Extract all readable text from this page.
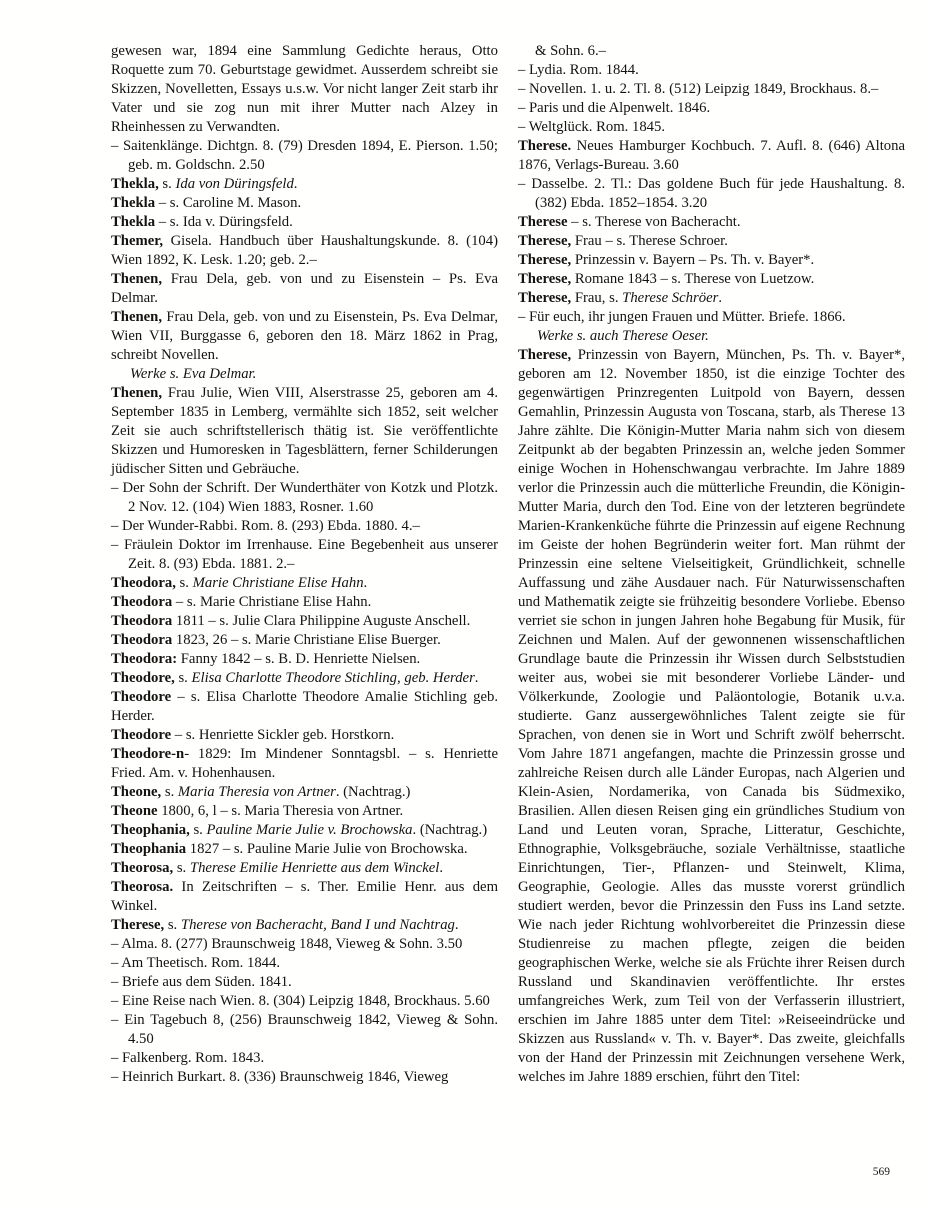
gewesen war, 1894 eine Sammlung Gedichte heraus, Otto Roquette zum 70. Geburtstage gewidmet. Ausserdem schreibt sie Skizzen, Novelletten, Essays u.s.w. Vor nicht langer Zeit starb ihr Vater und sie zog nun mit ihrer Mutter nach Alzey in Rheinhessen zu Verwandten.

– Saitenklänge. Dichtgn. 8. (79) Dresden 1894, E. Pierson. 1.50; geb. m. Goldschn. 2.50

Thekla, s. Ida von Düringsfeld.

Thekla – s. Caroline M. Mason.

Thekla – s. Ida v. Düringsfeld.

Themer, Gisela. Handbuch über Haushaltungskunde. 8. (104) Wien 1892, K. Lesk. 1.20; geb. 2.–

Thenen, Frau Dela, geb. von und zu Eisenstein – Ps. Eva Delmar.

Thenen, Frau Dela, geb. von und zu Eisenstein, Ps. Eva Delmar, Wien VII, Burggasse 6, geboren den 18. März 1862 in Prag, schreibt Novellen.

Werke s. Eva Delmar.

Thenen, Frau Julie, Wien VIII, Alserstrasse 25, geboren am 4. September 1835 in Lemberg, vermählte sich 1852, seit welcher Zeit sie auch schriftstellerisch thätig ist. Sie veröffentlichte Skizzen und Humoresken in Tagesblättern, ferner Schilderungen jüdischer Sitten und Gebräuche.

– Der Sohn der Schrift. Der Wunderthäter von Kotzk und Plotzk. 2 Nov. 12. (104) Wien 1883, Rosner. 1.60

– Der Wunder-Rabbi. Rom. 8. (293) Ebda. 1880. 4.–

– Fräulein Doktor im Irrenhause. Eine Begebenheit aus unserer Zeit. 8. (93) Ebda. 1881. 2.–

Theodora, s. Marie Christiane Elise Hahn.

Theodora – s. Marie Christiane Elise Hahn.

Theodora 1811 – s. Julie Clara Philippine Auguste Anschell.

Theodora 1823, 26 – s. Marie Christiane Elise Buerger.

Theodora: Fanny 1842 – s. B. D. Henriette Nielsen.

Theodore, s. Elisa Charlotte Theodore Stichling, geb. Herder.

Theodore – s. Elisa Charlotte Theodore Amalie Stichling geb. Herder.

Theodore – s. Henriette Sickler geb. Horstkorn.

Theodore-n- 1829: Im Mindener Sonntagsbl. – s. Henriette Fried. Am. v. Hohenhausen.

Theone, s. Maria Theresia von Artner. (Nachtrag.)

Theone 1800, 6, l – s. Maria Theresia von Artner.

Theophania, s. Pauline Marie Julie v. Brochowska. (Nachtrag.)

Theophania 1827 – s. Pauline Marie Julie von Brochowska.

Theorosa, s. Therese Emilie Henriette aus dem Winckel.

Theorosa. In Zeitschriften – s. Ther. Emilie Henr. aus dem Winkel.

Therese, s. Therese von Bacheracht, Band I und Nachtrag.

– Alma. 8. (277) Braunschweig 1848, Vieweg & Sohn. 3.50

– Am Theetisch. Rom. 1844.

– Briefe aus dem Süden. 1841.

– Eine Reise nach Wien. 8. (304) Leipzig 1848, Brockhaus. 5.60

– Ein Tagebuch 8, (256) Braunschweig 1842, Vieweg & Sohn. 4.50

– Falkenberg. Rom. 1843.

– Heinrich Burkart. 8. (336) Braunschweig 1846, Vieweg

& Sohn. 6.–

– Lydia. Rom. 1844.

– Novellen. 1. u. 2. Tl. 8. (512) Leipzig 1849, Brockhaus. 8.–

– Paris und die Alpenwelt. 1846.

– Weltglück. Rom. 1845.

Therese. Neues Hamburger Kochbuch. 7. Aufl. 8. (646) Altona 1876, Verlags-Bureau. 3.60

– Dasselbe. 2. Tl.: Das goldene Buch für jede Haushaltung. 8. (382) Ebda. 1852–1854. 3.20

Therese – s. Therese von Bacheracht.

Therese, Frau – s. Therese Schroer.

Therese, Prinzessin v. Bayern – Ps. Th. v. Bayer*.

Therese, Romane 1843 – s. Therese von Luetzow.

Therese, Frau, s. Therese Schröer.

– Für euch, ihr jungen Frauen und Mütter. Briefe. 1866.

Werke s. auch Therese Oeser.

Therese, Prinzessin von Bayern, München, Ps. Th. v. Bayer*, geboren am 12. November 1850, ist die einzige Tochter des gegenwärtigen Prinzregenten Luitpold von Bayern, dessen Gemahlin, Prinzessin Augusta von Toscana, starb, als Therese 13 Jahre zählte. Die Königin-Mutter Maria nahm sich von diesem Zeitpunkt ab der begabten Prinzessin an, welche jeden Sommer einige Wochen in Hohenschwangau verbrachte. Im Jahre 1889 verlor die Prinzessin auch die mütterliche Freundin, die Königin-Mutter Maria, durch den Tod. Eine von der letzteren begründete Marien-Krankenküche führte die Prinzessin auf eigene Rechnung im Geiste der hohen Begründerin weiter fort. Man rühmt der Prinzessin eine seltene Vielseitigkeit, Gründlichkeit, schnelle Auffassung und zähe Ausdauer nach. Für Naturwissenschaften und Mathematik zeigte sie frühzeitig besondere Vorliebe. Ebenso verriet sie schon in jungen Jahren hohe Begabung für Musik, für Zeichnen und Malen. Auf der gewonnenen wissenschaftlichen Grundlage baute die Prinzessin ihr Wissen durch Selbststudien weiter aus, wobei sie mit besonderer Vorliebe Länder- und Völkerkunde, Zoologie und Paläontologie, Botanik u.v.a. studierte. Ganz aussergewöhnliches Talent zeigte sie für Sprachen, von denen sie in Wort und Schrift zwölf beherrscht. Vom Jahre 1871 angefangen, machte die Prinzessin grosse und zahlreiche Reisen durch alle Länder Europas, nach Algerien und Klein-Asien, Nordamerika, von Canada bis Südmexiko, Brasilien. Allen diesen Reisen ging ein gründliches Studium von Land und Leuten voran, Sprache, Litteratur, Geschichte, Ethnographie, Volksgebräuche, soziale Verhältnisse, staatliche Einrichtungen, Tier-, Pflanzen- und Steinwelt, Klima, Geographie, Geologie. Alles das musste vorerst gründlich studiert werden, bevor die Prinzessin den Fuss ins Land setzte. Wie nach jeder Richtung wohlvorbereitet die Prinzessin diese Studienreise zu machen pflegte, zeigen die beiden geographischen Werke, welche sie als Früchte ihrer Reisen durch Russland und Skandinavien veröffentlichte. Ihr erstes umfangreiches Werk, zum Teil von der Verfasserin illustriert, erschien im Jahre 1885 unter dem Titel: »Reiseeindrücke und Skizzen aus Russland« v. Th. v. Bayer*. Das zweite, gleichfalls von der Hand der Prinzessin mit Zeichnungen versehene Werk, welches im Jahre 1889 erschien, führt den Titel:

569
